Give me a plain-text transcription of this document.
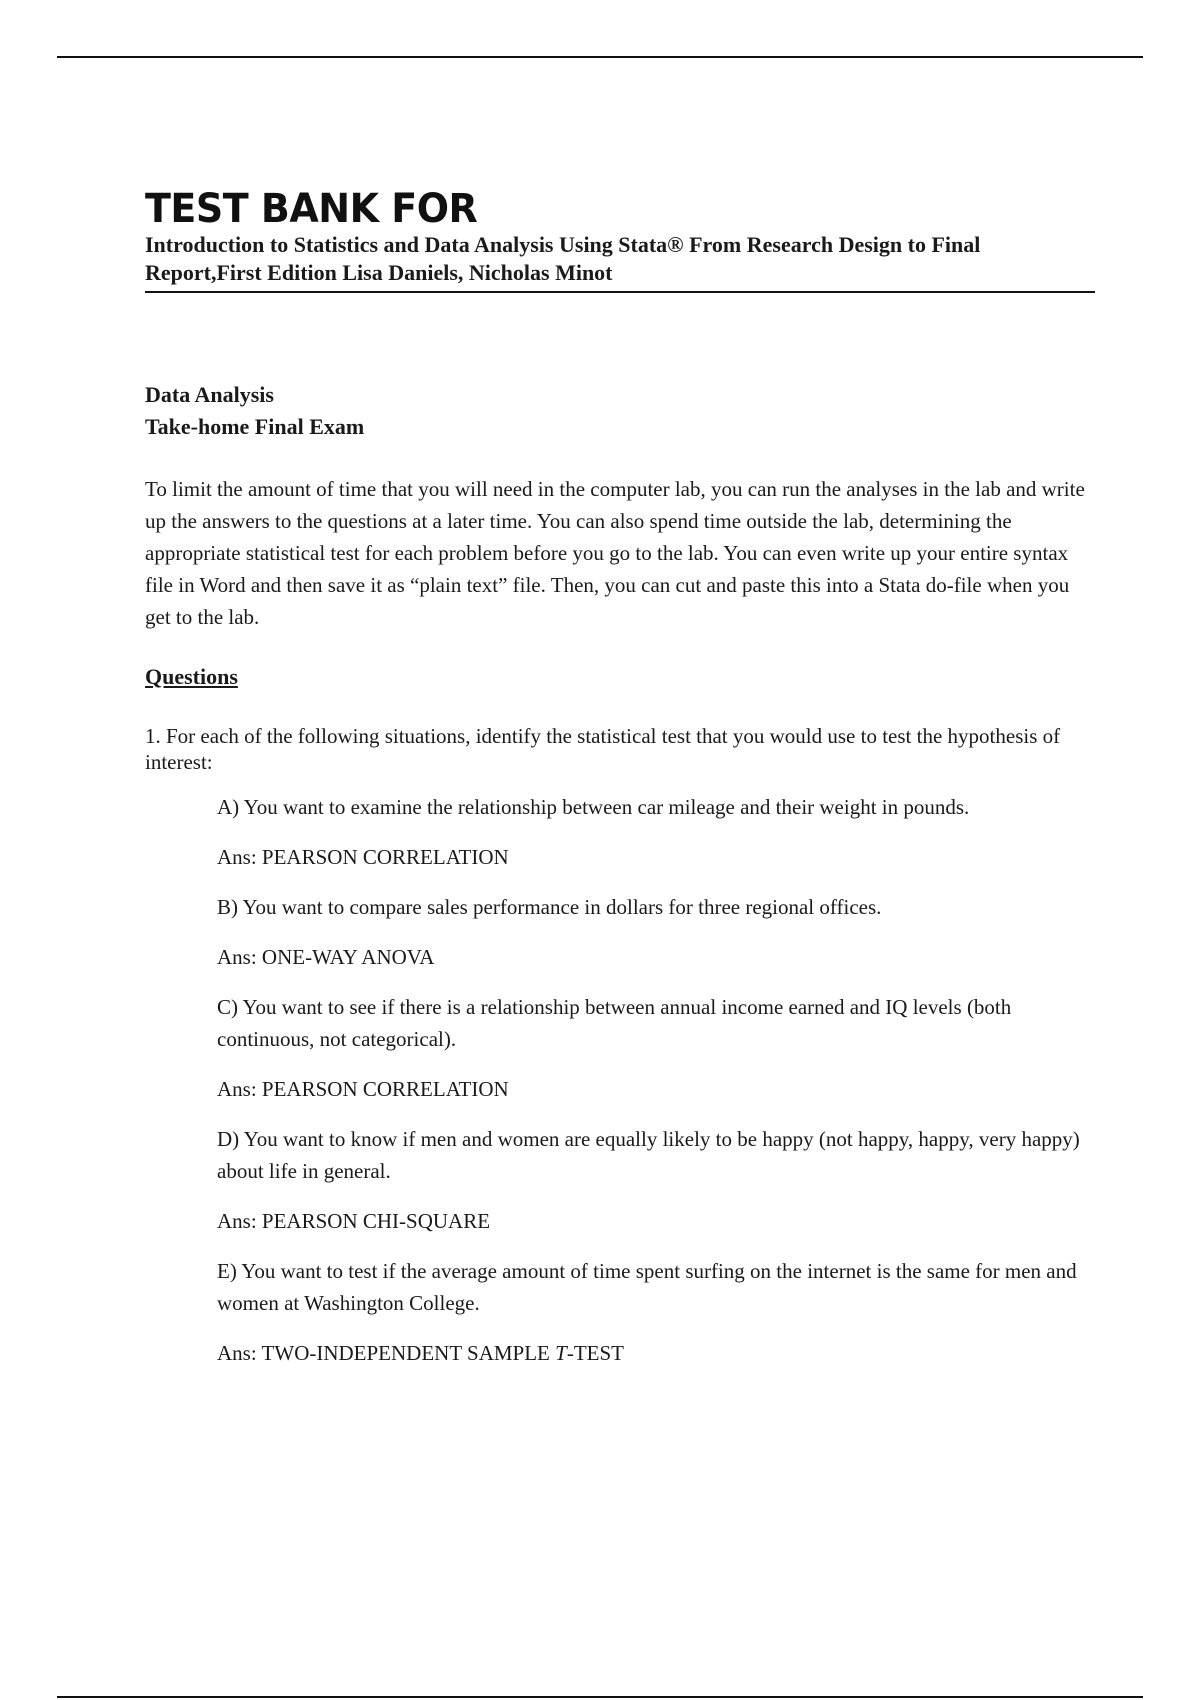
TEST BANK FOR

Introduction to Statistics and Data Analysis Using Stata® From Research Design to Final Report,First Edition Lisa Daniels, Nicholas Minot

Data Analysis

Take-home Final Exam

To limit the amount of time that you will need in the computer lab, you can run the analyses in the lab and write up the answers to the questions at a later time. You can also spend time outside the lab, determining the appropriate statistical test for each problem before you go to the lab. You can even write up your entire syntax file in Word and then save it as “plain text” file. Then, you can cut and paste this into a Stata do-file when you get to the lab.

Questions

1. For each of the following situations, identify the statistical test that you would use to test the hypothesis of interest:

A) You want to examine the relationship between car mileage and their weight in pounds.

Ans: PEARSON CORRELATION

B) You want to compare sales performance in dollars for three regional offices.

Ans: ONE-WAY ANOVA

C) You want to see if there is a relationship between annual income earned and IQ levels (both continuous, not categorical).

Ans: PEARSON CORRELATION

D) You want to know if men and women are equally likely to be happy (not happy, happy, very happy) about life in general.

Ans: PEARSON CHI-SQUARE

E) You want to test if the average amount of time spent surfing on the internet is the same for men and women at Washington College.

Ans: TWO-INDEPENDENT SAMPLE T-TEST
